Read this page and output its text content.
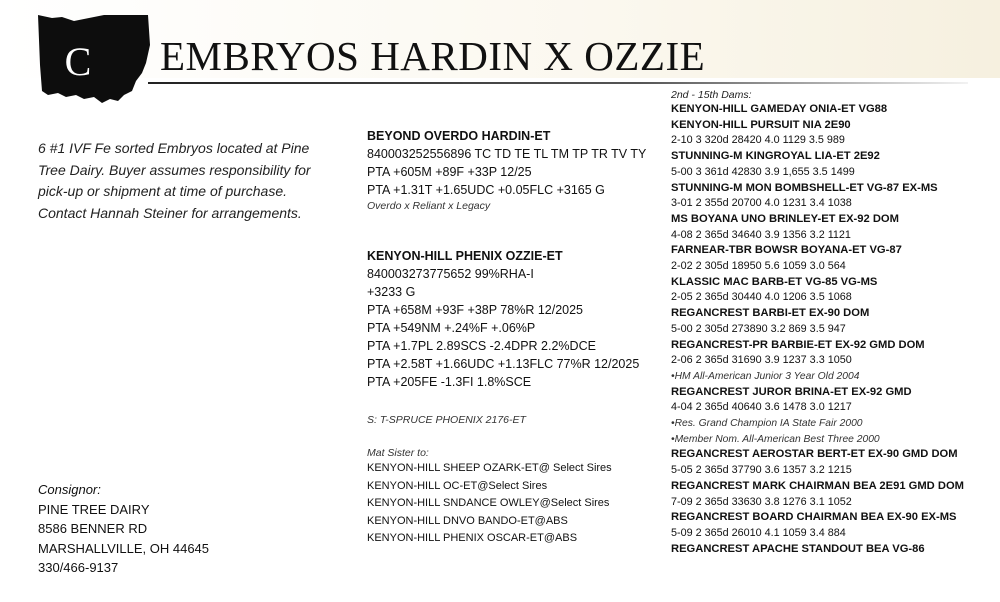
C EMBRYOS HARDIN X OZZIE
6 #1 IVF Fe sorted Embryos located at Pine Tree Dairy. Buyer assumes responsibility for pick-up or shipment at time of purchase. Contact Hannah Steiner for arrangements.
Consignor:
PINE TREE DAIRY
8586 BENNER RD
MARSHALLVILLE, OH 44645
330/466-9137
BEYOND OVERDO HARDIN-ET
840003252556896 TC TD TE TL TM TP TR TV TY
PTA +605M +89F +33P 12/25
PTA +1.31T +1.65UDC +0.05FLC +3165 G
Overdo x Reliant x Legacy
KENYON-HILL PHENIX OZZIE-ET
840003273775652 99%RHA-I
+3233 G
PTA +658M +93F +38P 78%R 12/2025
PTA +549NM +.24%F +.06%P
PTA +1.7PL 2.89SCS -2.4DPR 2.2%DCE
PTA +2.58T +1.66UDC +1.13FLC 77%R 12/2025
PTA +205FE -1.3FI 1.8%SCE
S: T-SPRUCE PHOENIX 2176-ET
Mat Sister to:
KENYON-HILL SHEEP OZARK-ET@ Select Sires
KENYON-HILL OC-ET@Select Sires
KENYON-HILL SNDANCE OWLEY@Select Sires
KENYON-HILL DNVO BANDO-ET@ABS
KENYON-HILL PHENIX OSCAR-ET@ABS
2nd - 15th Dams:
KENYON-HILL GAMEDAY ONIA-ET VG88
KENYON-HILL PURSUIT NIA 2E90
2-10 3 320d 28420 4.0 1129 3.5 989
STUNNING-M KINGROYAL LIA-ET 2E92
5-00 3 361d 42830 3.9 1,655 3.5 1499
STUNNING-M MON BOMBSHELL-ET VG-87 EX-MS
3-01 2 355d 20700 4.0 1231 3.4 1038
MS BOYANA UNO BRINLEY-ET EX-92 DOM
4-08 2 365d 34640 3.9 1356 3.2 1121
FARNEAR-TBR BOWSR BOYANA-ET VG-87
2-02 2 305d 18950 5.6 1059 3.0 564
KLASSIC MAC BARB-ET VG-85 VG-MS
2-05 2 365d 30440 4.0 1206 3.5 1068
REGANCREST BARBI-ET EX-90 DOM
5-00 2 305d 273890 3.2 869 3.5 947
REGANCREST-PR BARBIE-ET EX-92 GMD DOM
2-06 2 365d 31690 3.9 1237 3.3 1050
•HM All-American Junior 3 Year Old 2004
REGANCREST JUROR BRINA-ET EX-92 GMD
4-04 2 365d 40640 3.6 1478 3.0 1217
•Res. Grand Champion IA State Fair 2000
•Member Nom. All-American Best Three 2000
REGANCREST AEROSTAR BERT-ET EX-90 GMD DOM
5-05 2 365d 37790 3.6 1357 3.2 1215
REGANCREST MARK CHAIRMAN BEA 2E91 GMD DOM
7-09 2 365d 33630 3.8 1276 3.1 1052
REGANCREST BOARD CHAIRMAN BEA EX-90 EX-MS
5-09 2 365d 26010 4.1 1059 3.4 884
REGANCREST APACHE STANDOUT BEA VG-86
